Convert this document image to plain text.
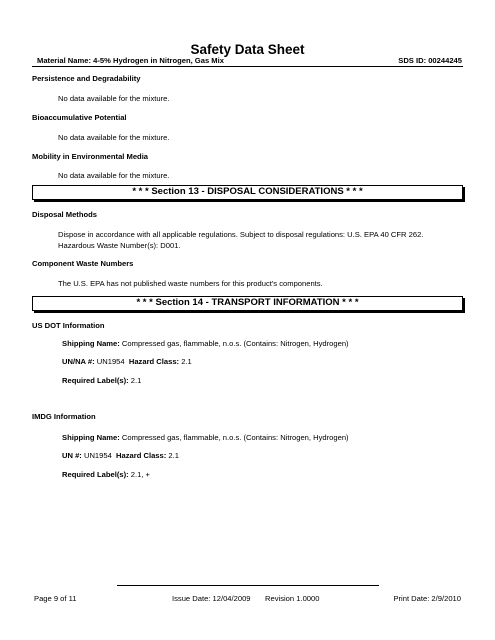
Safety Data Sheet
Material Name: 4-5% Hydrogen in Nitrogen, Gas Mix	SDS ID: 00244245
Persistence and Degradability
No data available for the mixture.
Bioaccumulative Potential
No data available for the mixture.
Mobility in Environmental Media
No data available for the mixture.
* * * Section 13 - DISPOSAL CONSIDERATIONS * * *
Disposal Methods
Dispose in accordance with all applicable regulations. Subject to disposal regulations: U.S. EPA 40 CFR 262. Hazardous Waste Number(s): D001.
Component Waste Numbers
The U.S. EPA has not published waste numbers for this product's components.
* * * Section 14 - TRANSPORT INFORMATION * * *
US DOT Information
Shipping Name: Compressed gas, flammable, n.o.s. (Contains: Nitrogen, Hydrogen)
UN/NA #: UN1954  Hazard Class: 2.1
Required Label(s): 2.1
IMDG Information
Shipping Name: Compressed gas, flammable, n.o.s. (Contains: Nitrogen, Hydrogen)
UN #: UN1954  Hazard Class: 2.1
Required Label(s): 2.1, +
Page 9 of 11	Issue Date: 12/04/2009 Revision 1.0000	Print Date: 2/9/2010
